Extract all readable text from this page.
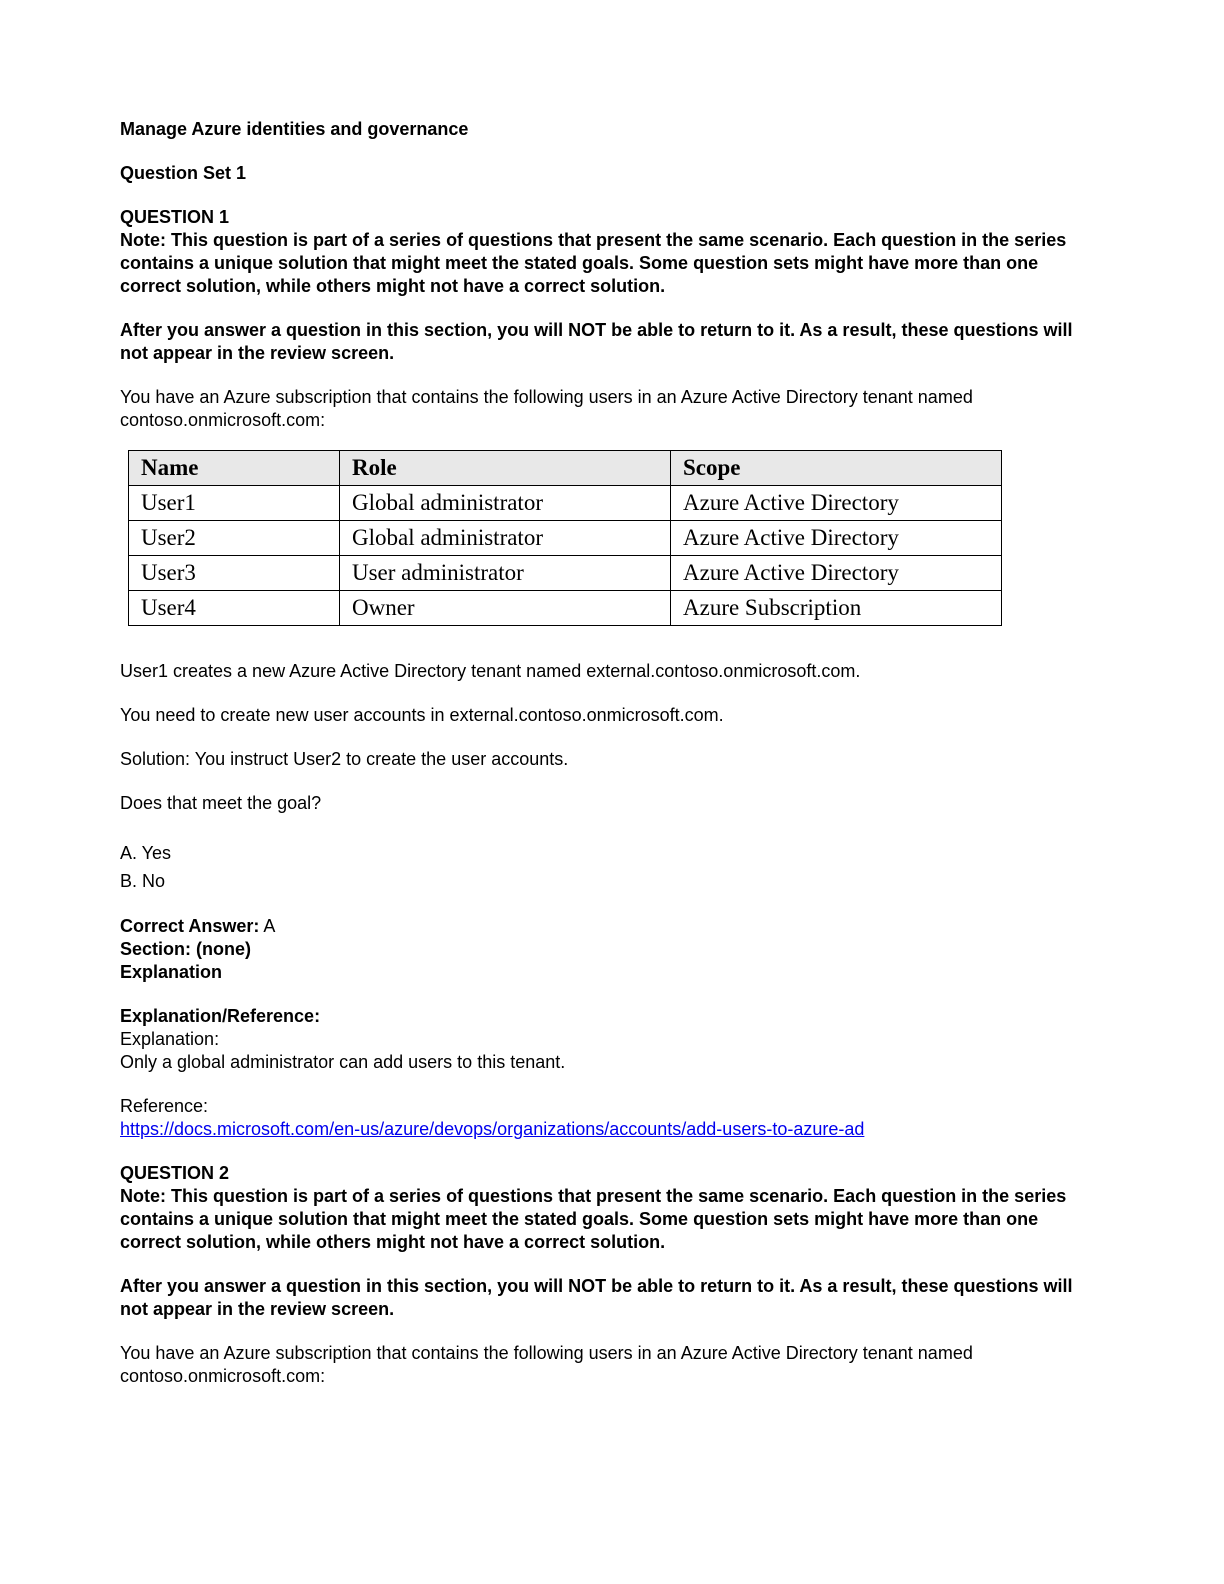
Manage Azure identities and governance

Question Set 1

QUESTION 1

Note: This question is part of a series of questions that present the same scenario. Each question in the series contains a unique solution that might meet the stated goals. Some question sets might have more than one correct solution, while others might not have a correct solution.

After you answer a question in this section, you will NOT be able to return to it. As a result, these questions will not appear in the review screen.

You have an Azure subscription that contains the following users in an Azure Active Directory tenant named contoso.onmicrosoft.com:

Name	Role	Scope
User1	Global administrator	Azure Active Directory
User2	Global administrator	Azure Active Directory
User3	User administrator	Azure Active Directory
User4	Owner	Azure Subscription

User1 creates a new Azure Active Directory tenant named external.contoso.onmicrosoft.com.

You need to create new user accounts in external.contoso.onmicrosoft.com.

Solution: You instruct User2 to create the user accounts.

Does that meet the goal?

A. Yes

B. No

Correct Answer: A

Section: (none)

Explanation

Explanation/Reference:

Explanation:

Only a global administrator can add users to this tenant.

Reference:

https://docs.microsoft.com/en-us/azure/devops/organizations/accounts/add-users-to-azure-ad

QUESTION 2

Note: This question is part of a series of questions that present the same scenario. Each question in the series contains a unique solution that might meet the stated goals. Some question sets might have more than one correct solution, while others might not have a correct solution.

After you answer a question in this section, you will NOT be able to return to it. As a result, these questions will not appear in the review screen.

You have an Azure subscription that contains the following users in an Azure Active Directory tenant named contoso.onmicrosoft.com:
